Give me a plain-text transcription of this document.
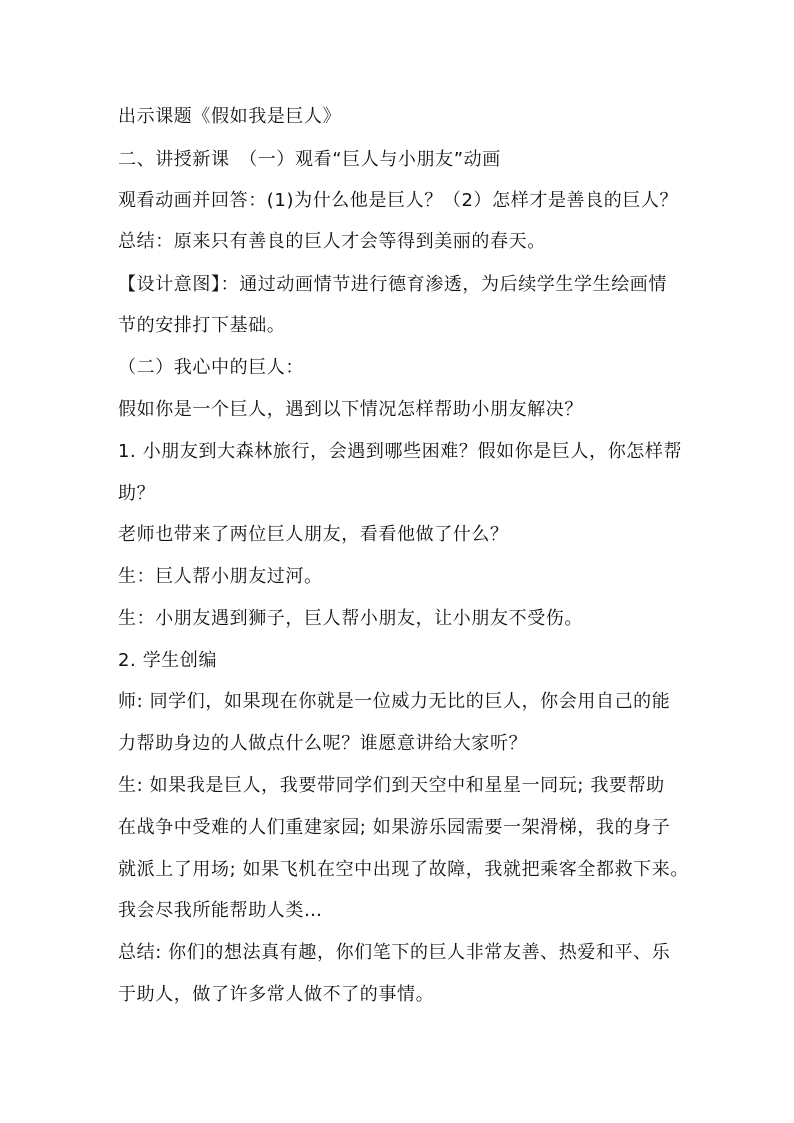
出示课题《假如我是巨人》
二、讲授新课　（一）观看“巨人与小朋友”动画
观看动画并回答：(1)为什么他是巨人？（2）怎样才是善良的巨人？
总结：原来只有善良的巨人才会等得到美丽的春天。
【设计意图】：通过动画情节进行德育渗透，为后续学生学生绘画情
节的安排打下基础。
（二）我心中的巨人：
假如你是一个巨人，遇到以下情况怎样帮助小朋友解决？
1. 小朋友到大森林旅行，会遇到哪些困难？假如你是巨人，你怎样帮
助？
老师也带来了两位巨人朋友，看看他做了什么？
生：巨人帮小朋友过河。
生：小朋友遇到狮子，巨人帮小朋友，让小朋友不受伤。
2. 学生创编
师: 同学们，如果现在你就是一位威力无比的巨人，你会用自己的能
力帮助身边的人做点什么呢？谁愿意讲给大家听？
生: 如果我是巨人，我要带同学们到天空中和星星一同玩; 我要帮助
在战争中受难的人们重建家园; 如果游乐园需要一架滑梯，我的身子
就派上了用场; 如果飞机在空中出现了故障，我就把乘客全都救下来。
我会尽我所能帮助人类…
总结: 你们的想法真有趣，你们笔下的巨人非常友善、热爱和平、乐
于助人，做了许多常人做不了的事情。
